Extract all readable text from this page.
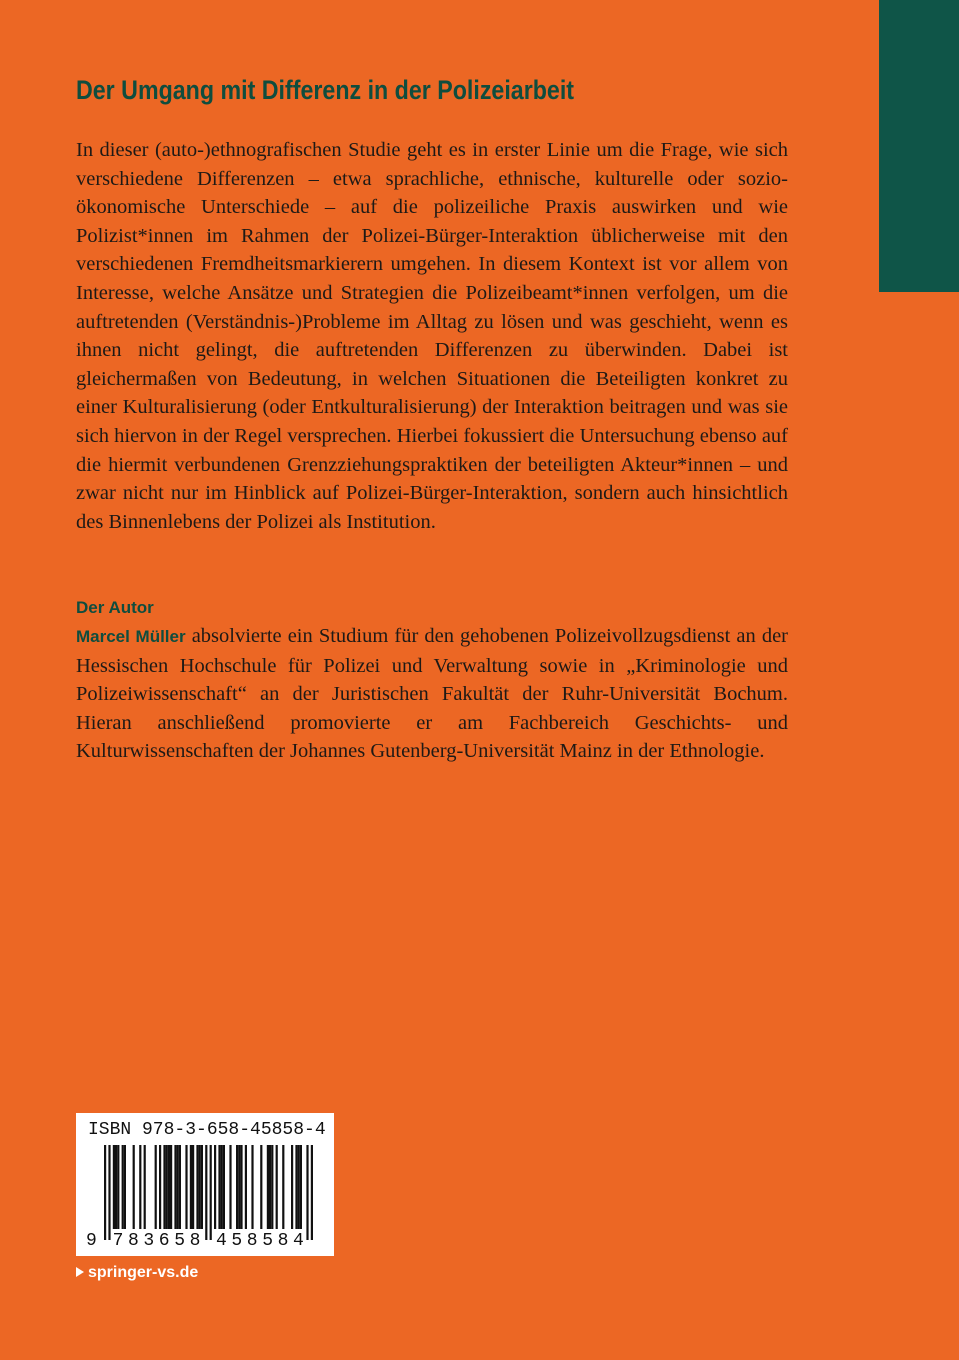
Der Umgang mit Differenz in der Polizeiarbeit

In dieser (auto-)ethnografischen Studie geht es in erster Linie um die Frage, wie sich verschiedene Differenzen – etwa sprachliche, ethnische, kulturelle oder sozio-ökonomische Unterschiede – auf die polizeiliche Praxis auswirken und wie Polizist*innen im Rahmen der Polizei-Bürger-Interaktion üblicherweise mit den verschiedenen Fremdheitsmarkierern umgehen. In diesem Kontext ist vor allem von Interesse, welche Ansätze und Strategien die Polizeibeamt*innen verfolgen, um die auftretenden (Verständnis-)Probleme im Alltag zu lösen und was geschieht, wenn es ihnen nicht gelingt, die auftretenden Differenzen zu überwinden. Dabei ist gleichermaßen von Bedeutung, in welchen Situationen die Beteiligten konkret zu einer Kulturalisierung (oder Entkulturalisierung) der Interaktion beitragen und was sie sich hiervon in der Regel versprechen. Hierbei fokussiert die Untersuchung ebenso auf die hiermit verbundenen Grenzziehungspraktiken der beteiligten Akteur*innen – und zwar nicht nur im Hinblick auf Polizei-Bürger-Interaktion, sondern auch hinsichtlich des Binnenlebens der Polizei als Institution.

Der Autor

Marcel Müller absolvierte ein Studium für den gehobenen Polizeivollzugsdienst an der Hessischen Hochschule für Polizei und Verwaltung sowie in „Kriminologie und Polizeiwissenschaft“ an der Juristischen Fakultät der Ruhr-Universität Bochum. Hieran anschließend promovierte er am Fachbereich Geschichts- und Kulturwissenschaften der Johannes Gutenberg-Universität Mainz in der Ethnologie.

ISBN 978-3-658-45858-4
9 7 8 3 6 5 8 4 5 8 5 8 4
springer-vs.de
